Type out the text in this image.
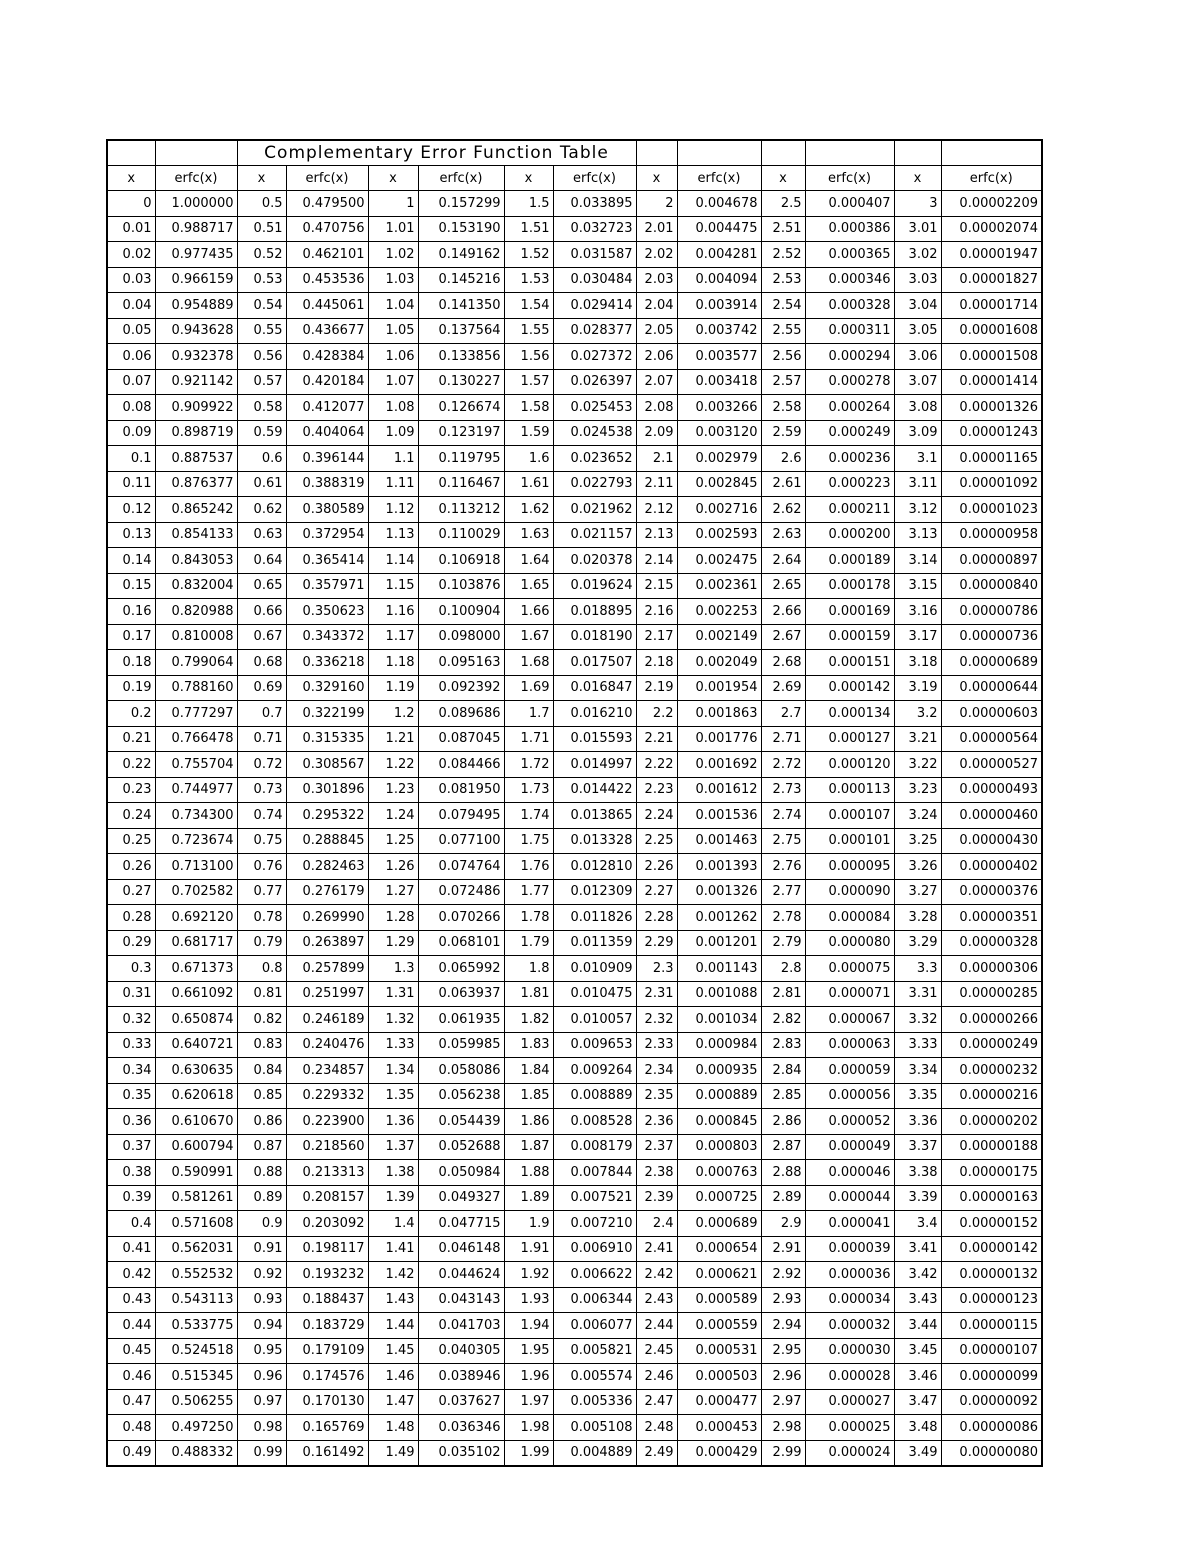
		Complementary Error Function Table											
x	erfc(x)	x	erfc(x)	x	erfc(x)	x	erfc(x)	x	erfc(x)	x	erfc(x)	x	erfc(x)
0	1.000000	0.5	0.479500	1	0.157299	1.5	0.033895	2	0.004678	2.5	0.000407	3	0.00002209
0.01	0.988717	0.51	0.470756	1.01	0.153190	1.51	0.032723	2.01	0.004475	2.51	0.000386	3.01	0.00002074
0.02	0.977435	0.52	0.462101	1.02	0.149162	1.52	0.031587	2.02	0.004281	2.52	0.000365	3.02	0.00001947
0.03	0.966159	0.53	0.453536	1.03	0.145216	1.53	0.030484	2.03	0.004094	2.53	0.000346	3.03	0.00001827
0.04	0.954889	0.54	0.445061	1.04	0.141350	1.54	0.029414	2.04	0.003914	2.54	0.000328	3.04	0.00001714
0.05	0.943628	0.55	0.436677	1.05	0.137564	1.55	0.028377	2.05	0.003742	2.55	0.000311	3.05	0.00001608
0.06	0.932378	0.56	0.428384	1.06	0.133856	1.56	0.027372	2.06	0.003577	2.56	0.000294	3.06	0.00001508
0.07	0.921142	0.57	0.420184	1.07	0.130227	1.57	0.026397	2.07	0.003418	2.57	0.000278	3.07	0.00001414
0.08	0.909922	0.58	0.412077	1.08	0.126674	1.58	0.025453	2.08	0.003266	2.58	0.000264	3.08	0.00001326
0.09	0.898719	0.59	0.404064	1.09	0.123197	1.59	0.024538	2.09	0.003120	2.59	0.000249	3.09	0.00001243
0.1	0.887537	0.6	0.396144	1.1	0.119795	1.6	0.023652	2.1	0.002979	2.6	0.000236	3.1	0.00001165
0.11	0.876377	0.61	0.388319	1.11	0.116467	1.61	0.022793	2.11	0.002845	2.61	0.000223	3.11	0.00001092
0.12	0.865242	0.62	0.380589	1.12	0.113212	1.62	0.021962	2.12	0.002716	2.62	0.000211	3.12	0.00001023
0.13	0.854133	0.63	0.372954	1.13	0.110029	1.63	0.021157	2.13	0.002593	2.63	0.000200	3.13	0.00000958
0.14	0.843053	0.64	0.365414	1.14	0.106918	1.64	0.020378	2.14	0.002475	2.64	0.000189	3.14	0.00000897
0.15	0.832004	0.65	0.357971	1.15	0.103876	1.65	0.019624	2.15	0.002361	2.65	0.000178	3.15	0.00000840
0.16	0.820988	0.66	0.350623	1.16	0.100904	1.66	0.018895	2.16	0.002253	2.66	0.000169	3.16	0.00000786
0.17	0.810008	0.67	0.343372	1.17	0.098000	1.67	0.018190	2.17	0.002149	2.67	0.000159	3.17	0.00000736
0.18	0.799064	0.68	0.336218	1.18	0.095163	1.68	0.017507	2.18	0.002049	2.68	0.000151	3.18	0.00000689
0.19	0.788160	0.69	0.329160	1.19	0.092392	1.69	0.016847	2.19	0.001954	2.69	0.000142	3.19	0.00000644
0.2	0.777297	0.7	0.322199	1.2	0.089686	1.7	0.016210	2.2	0.001863	2.7	0.000134	3.2	0.00000603
0.21	0.766478	0.71	0.315335	1.21	0.087045	1.71	0.015593	2.21	0.001776	2.71	0.000127	3.21	0.00000564
0.22	0.755704	0.72	0.308567	1.22	0.084466	1.72	0.014997	2.22	0.001692	2.72	0.000120	3.22	0.00000527
0.23	0.744977	0.73	0.301896	1.23	0.081950	1.73	0.014422	2.23	0.001612	2.73	0.000113	3.23	0.00000493
0.24	0.734300	0.74	0.295322	1.24	0.079495	1.74	0.013865	2.24	0.001536	2.74	0.000107	3.24	0.00000460
0.25	0.723674	0.75	0.288845	1.25	0.077100	1.75	0.013328	2.25	0.001463	2.75	0.000101	3.25	0.00000430
0.26	0.713100	0.76	0.282463	1.26	0.074764	1.76	0.012810	2.26	0.001393	2.76	0.000095	3.26	0.00000402
0.27	0.702582	0.77	0.276179	1.27	0.072486	1.77	0.012309	2.27	0.001326	2.77	0.000090	3.27	0.00000376
0.28	0.692120	0.78	0.269990	1.28	0.070266	1.78	0.011826	2.28	0.001262	2.78	0.000084	3.28	0.00000351
0.29	0.681717	0.79	0.263897	1.29	0.068101	1.79	0.011359	2.29	0.001201	2.79	0.000080	3.29	0.00000328
0.3	0.671373	0.8	0.257899	1.3	0.065992	1.8	0.010909	2.3	0.001143	2.8	0.000075	3.3	0.00000306
0.31	0.661092	0.81	0.251997	1.31	0.063937	1.81	0.010475	2.31	0.001088	2.81	0.000071	3.31	0.00000285
0.32	0.650874	0.82	0.246189	1.32	0.061935	1.82	0.010057	2.32	0.001034	2.82	0.000067	3.32	0.00000266
0.33	0.640721	0.83	0.240476	1.33	0.059985	1.83	0.009653	2.33	0.000984	2.83	0.000063	3.33	0.00000249
0.34	0.630635	0.84	0.234857	1.34	0.058086	1.84	0.009264	2.34	0.000935	2.84	0.000059	3.34	0.00000232
0.35	0.620618	0.85	0.229332	1.35	0.056238	1.85	0.008889	2.35	0.000889	2.85	0.000056	3.35	0.00000216
0.36	0.610670	0.86	0.223900	1.36	0.054439	1.86	0.008528	2.36	0.000845	2.86	0.000052	3.36	0.00000202
0.37	0.600794	0.87	0.218560	1.37	0.052688	1.87	0.008179	2.37	0.000803	2.87	0.000049	3.37	0.00000188
0.38	0.590991	0.88	0.213313	1.38	0.050984	1.88	0.007844	2.38	0.000763	2.88	0.000046	3.38	0.00000175
0.39	0.581261	0.89	0.208157	1.39	0.049327	1.89	0.007521	2.39	0.000725	2.89	0.000044	3.39	0.00000163
0.4	0.571608	0.9	0.203092	1.4	0.047715	1.9	0.007210	2.4	0.000689	2.9	0.000041	3.4	0.00000152
0.41	0.562031	0.91	0.198117	1.41	0.046148	1.91	0.006910	2.41	0.000654	2.91	0.000039	3.41	0.00000142
0.42	0.552532	0.92	0.193232	1.42	0.044624	1.92	0.006622	2.42	0.000621	2.92	0.000036	3.42	0.00000132
0.43	0.543113	0.93	0.188437	1.43	0.043143	1.93	0.006344	2.43	0.000589	2.93	0.000034	3.43	0.00000123
0.44	0.533775	0.94	0.183729	1.44	0.041703	1.94	0.006077	2.44	0.000559	2.94	0.000032	3.44	0.00000115
0.45	0.524518	0.95	0.179109	1.45	0.040305	1.95	0.005821	2.45	0.000531	2.95	0.000030	3.45	0.00000107
0.46	0.515345	0.96	0.174576	1.46	0.038946	1.96	0.005574	2.46	0.000503	2.96	0.000028	3.46	0.00000099
0.47	0.506255	0.97	0.170130	1.47	0.037627	1.97	0.005336	2.47	0.000477	2.97	0.000027	3.47	0.00000092
0.48	0.497250	0.98	0.165769	1.48	0.036346	1.98	0.005108	2.48	0.000453	2.98	0.000025	3.48	0.00000086
0.49	0.488332	0.99	0.161492	1.49	0.035102	1.99	0.004889	2.49	0.000429	2.99	0.000024	3.49	0.00000080
